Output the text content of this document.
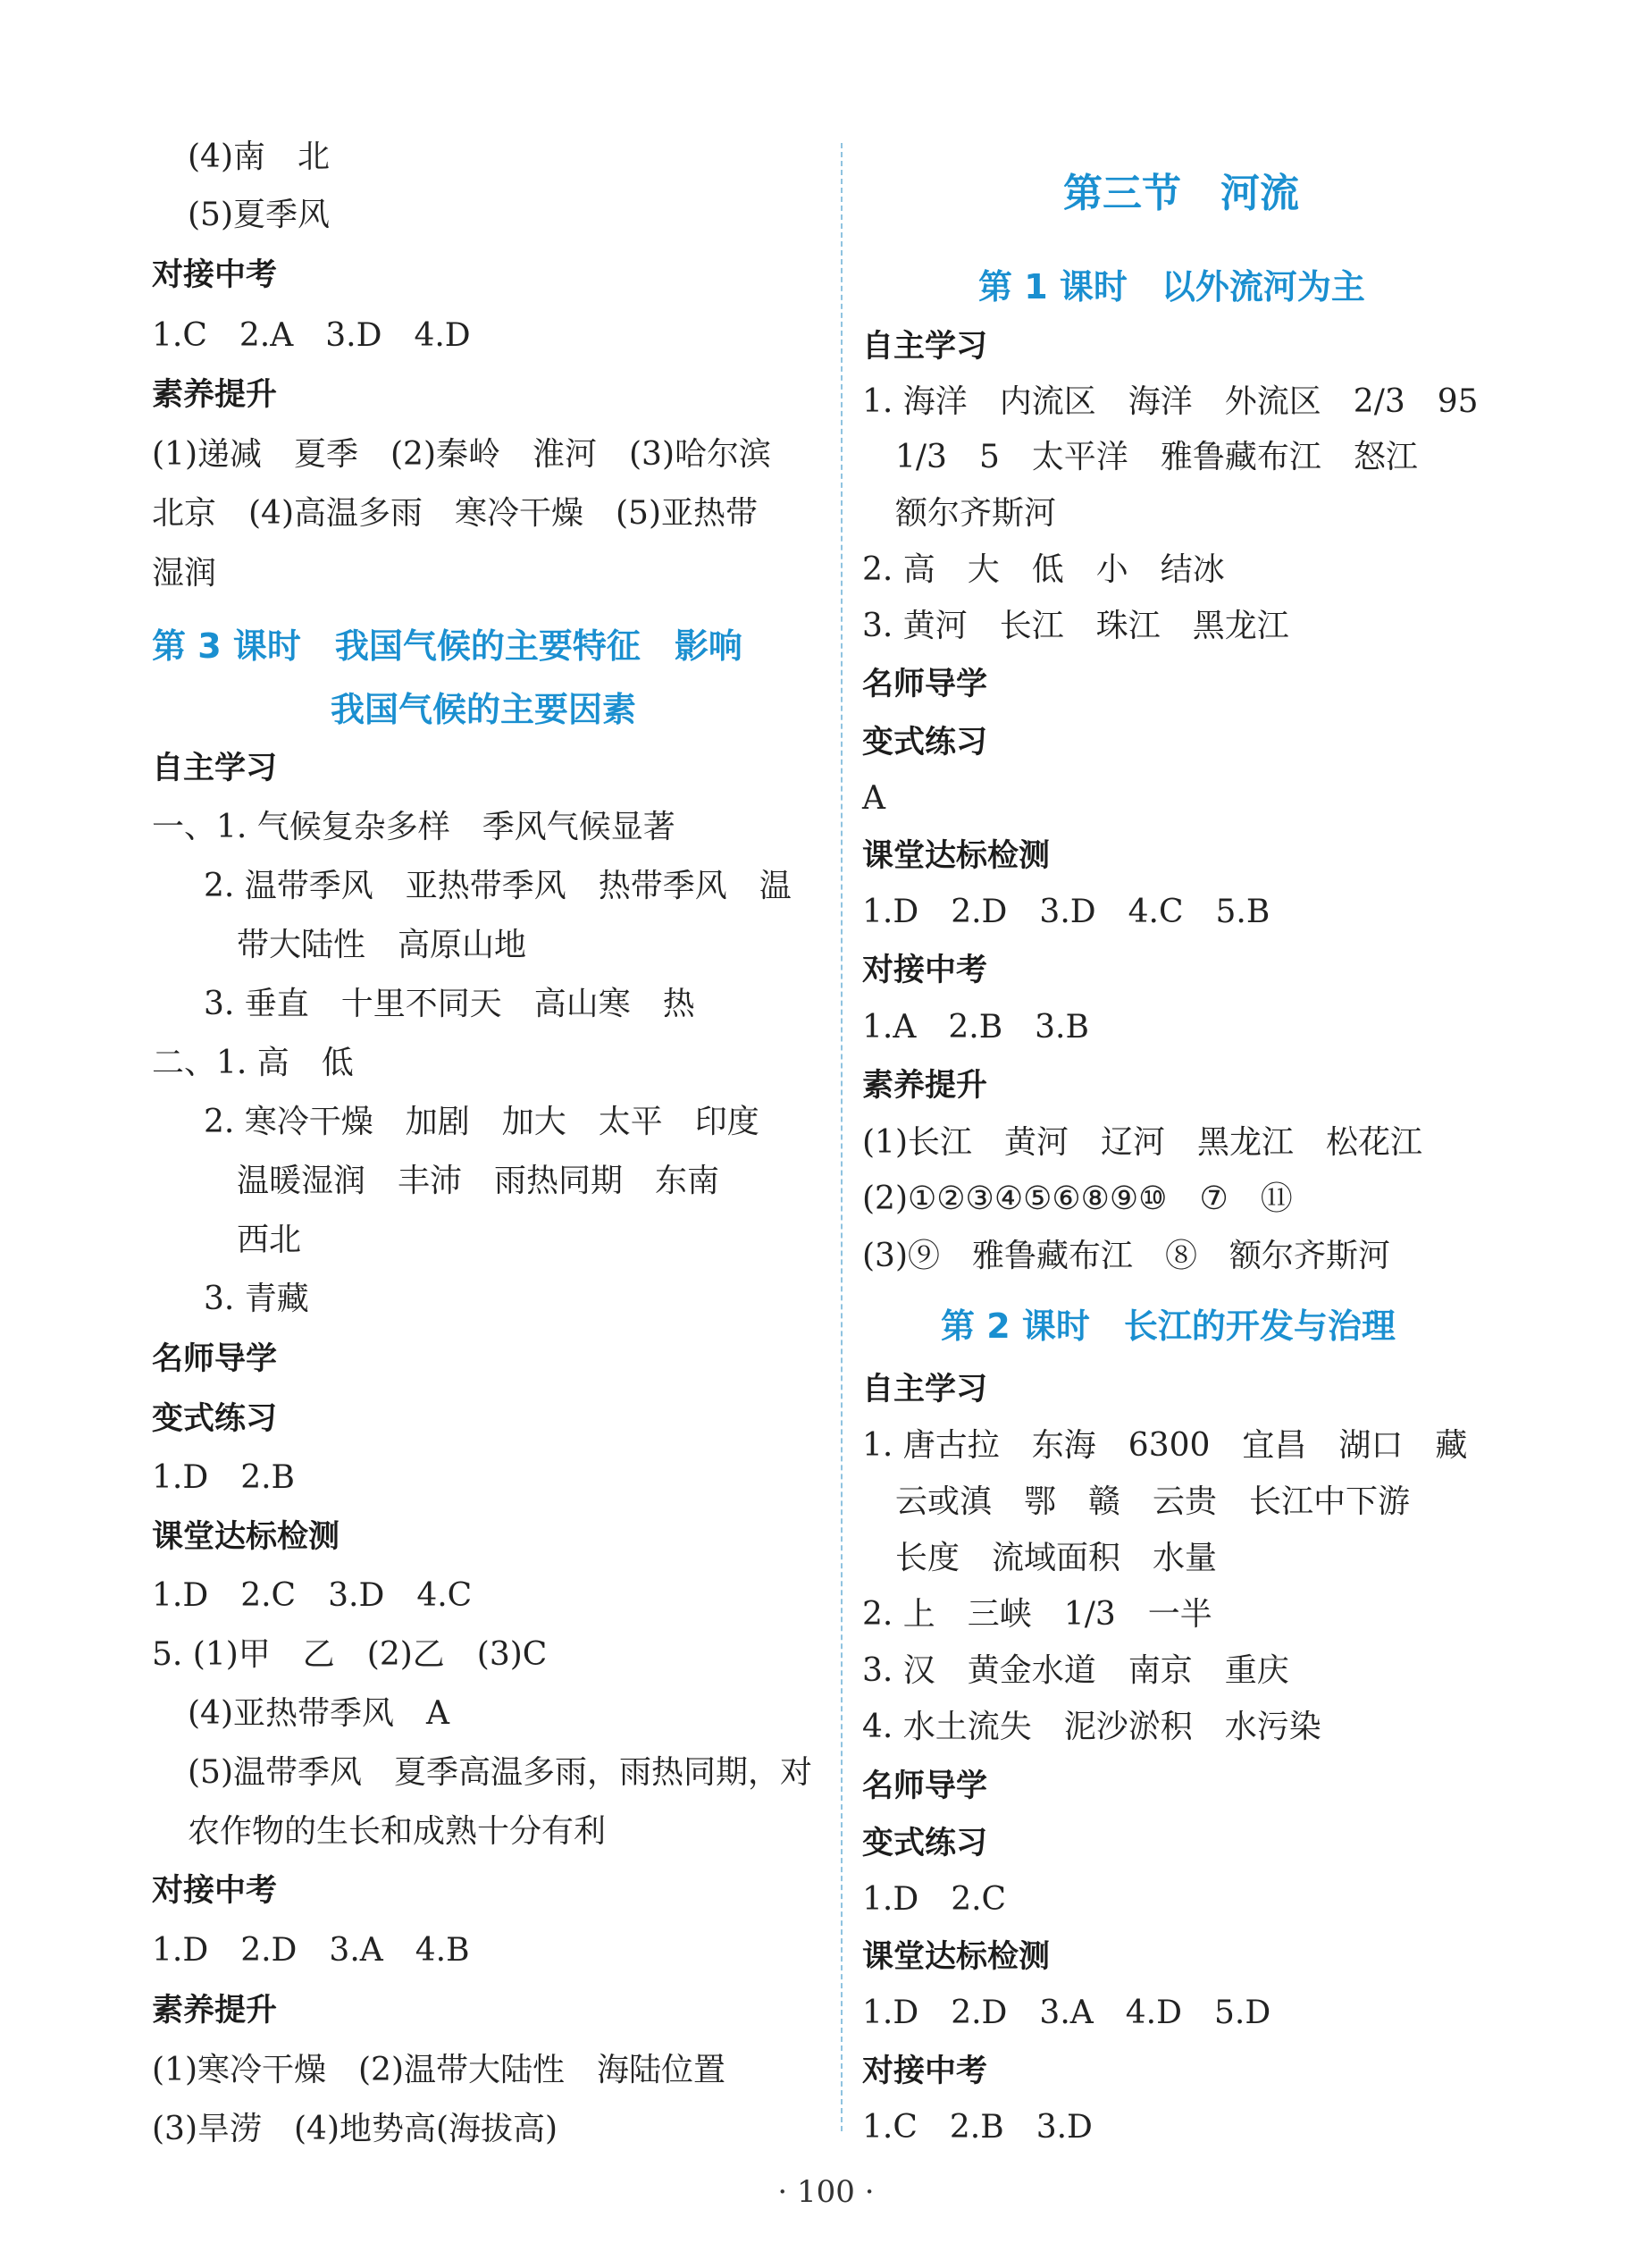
(4)南　北
(5)夏季风
对接中考
1.C　2.A　3.D　4.D
素养提升
(1)递减　夏季　(2)秦岭　淮河　(3)哈尔滨
北京　(4)高温多雨　寒冷干燥　(5)亚热带
湿润
第 3 课时　我国气候的主要特征　影响
我国气候的主要因素
自主学习
一、1. 气候复杂多样　季风气候显著
2. 温带季风　亚热带季风　热带季风　温
带大陆性　高原山地
3. 垂直　十里不同天　高山寒　热
二、1. 高　低
2. 寒冷干燥　加剧　加大　太平　印度
温暖湿润　丰沛　雨热同期　东南
西北
3. 青藏
名师导学
变式练习
1.D　2.B
课堂达标检测
1.D　2.C　3.D　4.C
5. (1)甲　乙　(2)乙　(3)C
(4)亚热带季风　A
(5)温带季风　夏季高温多雨，雨热同期，对
农作物的生长和成熟十分有利
对接中考
1.D　2.D　3.A　4.B
素养提升
(1)寒冷干燥　(2)温带大陆性　海陆位置
(3)旱涝　(4)地势高(海拔高)
第三节　河流
第 1 课时　以外流河为主
自主学习
1. 海洋　内流区　海洋　外流区　2/3　95
1/3　5　太平洋　雅鲁藏布江　怒江
额尔齐斯河
2. 高　大　低　小　结冰
3. 黄河　长江　珠江　黑龙江
名师导学
变式练习
A
课堂达标检测
1.D　2.D　3.D　4.C　5.B
对接中考
1.A　2.B　3.B
素养提升
(1)长江　黄河　辽河　黑龙江　松花江
(2)①②③④⑤⑥⑧⑨⑩　⑦　⑪
(3)⑨　雅鲁藏布江　⑧　额尔齐斯河
第 2 课时　长江的开发与治理
自主学习
1. 唐古拉　东海　6300　宜昌　湖口　藏
云或滇　鄂　赣　云贵　长江中下游
长度　流域面积　水量
2. 上　三峡　1/3　一半
3. 汉　黄金水道　南京　重庆
4. 水土流失　泥沙淤积　水污染
名师导学
变式练习
1.D　2.C
课堂达标检测
1.D　2.D　3.A　4.D　5.D
对接中考
1.C　2.B　3.D
· 100 ·
